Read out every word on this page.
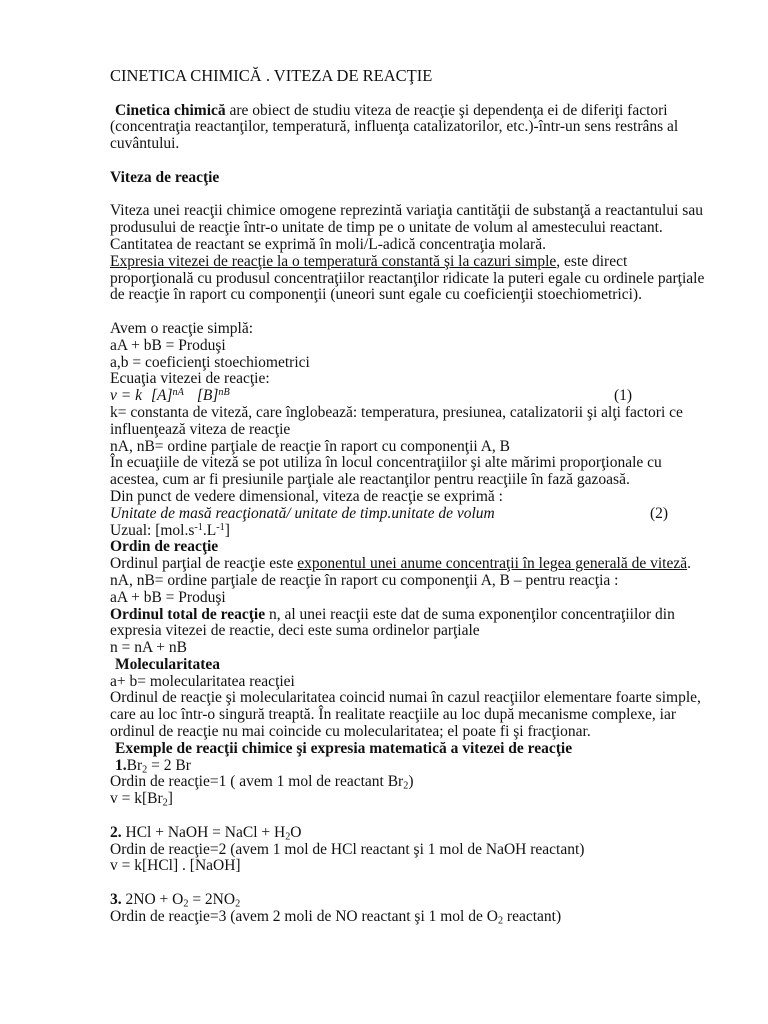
CINETICA CHIMICĂ . VITEZA DE REACŢIE
Cinetica chimică are obiect de studiu viteza de reacţie şi dependenţa ei de diferiţi factori
(concentraţia reactanţilor, temperatură, influenţa catalizatorilor, etc.)-într-un sens restrâns al
cuvântului.
Viteza de reacţie
Viteza unei reacţii chimice omogene reprezintă variaţia cantităţii de substanţă a reactantului sau
produsului de reacţie într-o unitate de timp pe o unitate de volum al amestecului reactant.
Cantitatea de reactant se exprimă în moli/L-adică concentraţia molară.
Expresia vitezei de reacţie la o temperatură constantă şi la cazuri simple, este direct
proporţională cu produsul concentraţiilor reactanţilor ridicate la puteri egale cu ordinele parţiale
de reacţie în raport cu componenţii (uneori sunt egale cu coeficienţii stoechiometrici).
Avem o reacţie simplă:
aA + bB = Produşi
a,b = coeficienţi stoechiometrici
Ecuaţia vitezei de reacţie:
v = k $[A]^{nA}$ $[B]^{nB}$	(1)
k= constanta de viteză, care înglobează: temperatura, presiunea, catalizatorii şi alţi factori ce
influenţează viteza de reacţie
nA, nB= ordine parţiale de reacţie în raport cu componenţii A, B
În ecuaţiile de viteză se pot utiliza în locul concentraţiilor şi alte mărimi proporţionale cu
acestea, cum ar fi presiunile parţiale ale reactanţilor pentru reacţiile în fază gazoasă.
Din punct de vedere dimensional, viteza de reacţie se exprimă :
Unitate de masă reacţionată/ unitate de timp.unitate de volum	(2)
Uzual: $[mol.s^{-1}.L^{-1}]$
Ordin de reacţie
Ordinul parţial de reacţie este exponentul unei anume concentraţii în legea generală de viteză.
nA, nB= ordine parţiale de reacţie în raport cu componenţii A, B – pentru reacţia :
aA + bB = Produşi
Ordinul total de reacţie n, al unei reacţii este dat de suma exponenţilor concentraţiilor din
expresia vitezei de reactie, deci este suma ordinelor parţiale
n = nA + nB
Molecularitatea
a+ b= molecularitatea reacţiei
Ordinul de reacţie şi molecularitatea coincid numai în cazul reacţiilor elementare foarte simple,
care au loc într-o singură treaptă. În realitate reacţiile au loc după mecanisme complexe, iar
ordinul de reacţie nu mai coincide cu molecularitatea; el poate fi şi fracţionar.
Exemple de reacţii chimice şi expresia matematică a vitezei de reacţie
1.Br2 = 2 Br
Ordin de reacţie=1 ( avem 1 mol de reactant Br2)
v = k[Br2]
2. HCl + NaOH = NaCl + H2O
Ordin de reacţie=2 (avem 1 mol de HCl reactant şi 1 mol de NaOH reactant)
v = k[HCl] . [NaOH]
3. 2NO + O2 = 2NO2
Ordin de reacţie=3 (avem 2 moli de NO reactant şi 1 mol de O2 reactant)
